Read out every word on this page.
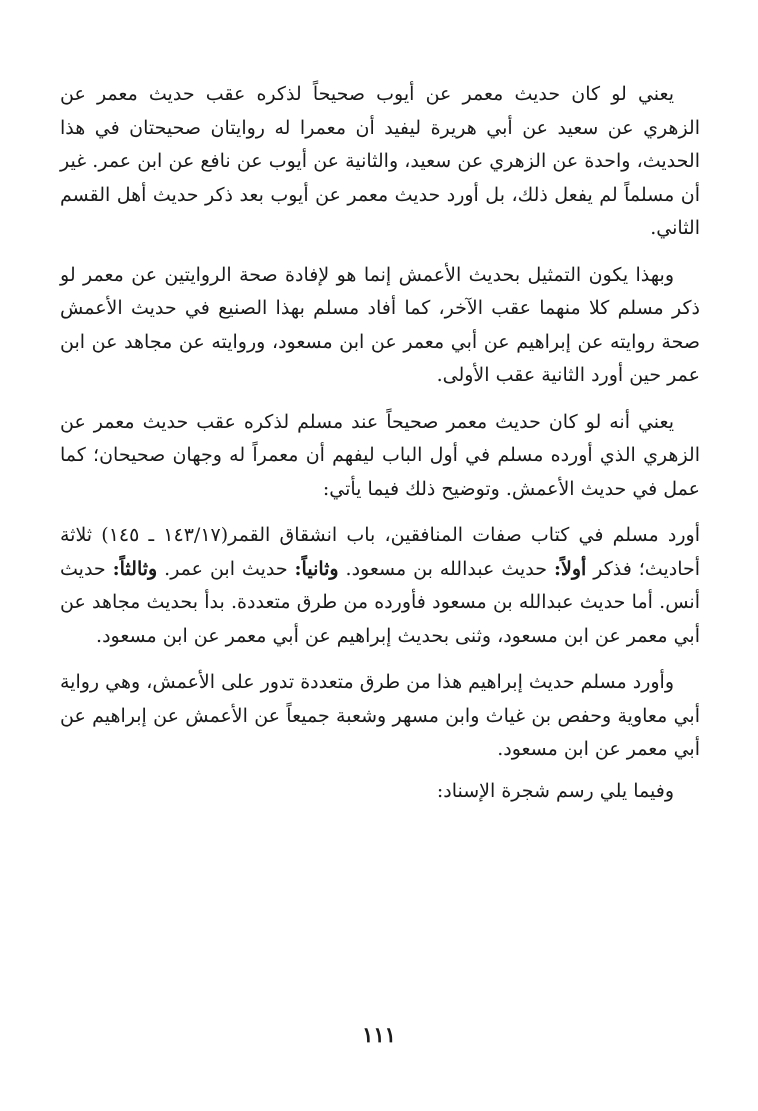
يعني لو كان حديث معمر عن أيوب صحيحاً لذكره عقب حديث معمر عن الزهري عن سعيد عن أبي هريرة ليفيد أن معمرا له روايتان صحيحتان في هذا الحديث، واحدة عن الزهري عن سعيد، والثانية عن أيوب عن نافع عن ابن عمر. غير أن مسلماً لم يفعل ذلك، بل أورد حديث معمر عن أيوب بعد ذكر حديث أهل القسم الثاني.

وبهذا يكون التمثيل بحديث الأعمش إنما هو لإفادة صحة الروايتين عن معمر لو ذكر مسلم كلا منهما عقب الآخر، كما أفاد مسلم بهذا الصنيع في حديث الأعمش صحة روايته عن إبراهيم عن أبي معمر عن ابن مسعود، وروايته عن مجاهد عن ابن عمر حين أورد الثانية عقب الأولى.

يعني أنه لو كان حديث معمر صحيحاً عند مسلم لذكره عقب حديث معمر عن الزهري الذي أورده مسلم في أول الباب ليفهم أن معمراً له وجهان صحيحان؛ كما عمل في حديث الأعمش. وتوضيح ذلك فيما يأتي:

أورد مسلم في كتاب صفات المنافقين، باب انشقاق القمر(١٤٣/١٧ ـ ١٤٥) ثلاثة أحاديث؛ فذكر أولاً: حديث عبدالله بن مسعود. وثانياً: حديث ابن عمر. وثالثاً: حديث أنس. أما حديث عبدالله بن مسعود فأورده من طرق متعددة. بدأ بحديث مجاهد عن أبي معمر عن ابن مسعود، وثنى بحديث إبراهيم عن أبي معمر عن ابن مسعود.

وأورد مسلم حديث إبراهيم هذا من طرق متعددة تدور على الأعمش، وهي رواية أبي معاوية وحفص بن غياث وابن مسهر وشعبة جميعاً عن الأعمش عن إبراهيم عن أبي معمر عن ابن مسعود.

وفيما يلي رسم شجرة الإسناد:

١١١
